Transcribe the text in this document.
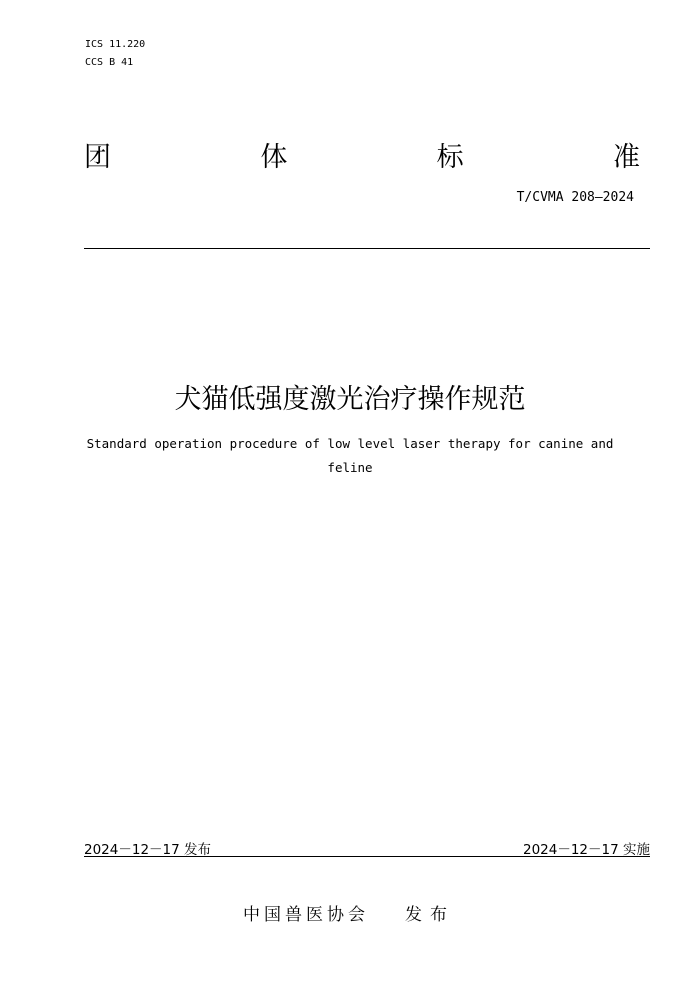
ICS 11.220
CCS B 41
团	体	标	准
T/CVMA 208—2024
犬猫低强度激光治疗操作规范
Standard operation procedure of low level laser therapy for canine and
feline
2024－12－17 发布	2024－12－17 实施
中国兽医协会 发布
